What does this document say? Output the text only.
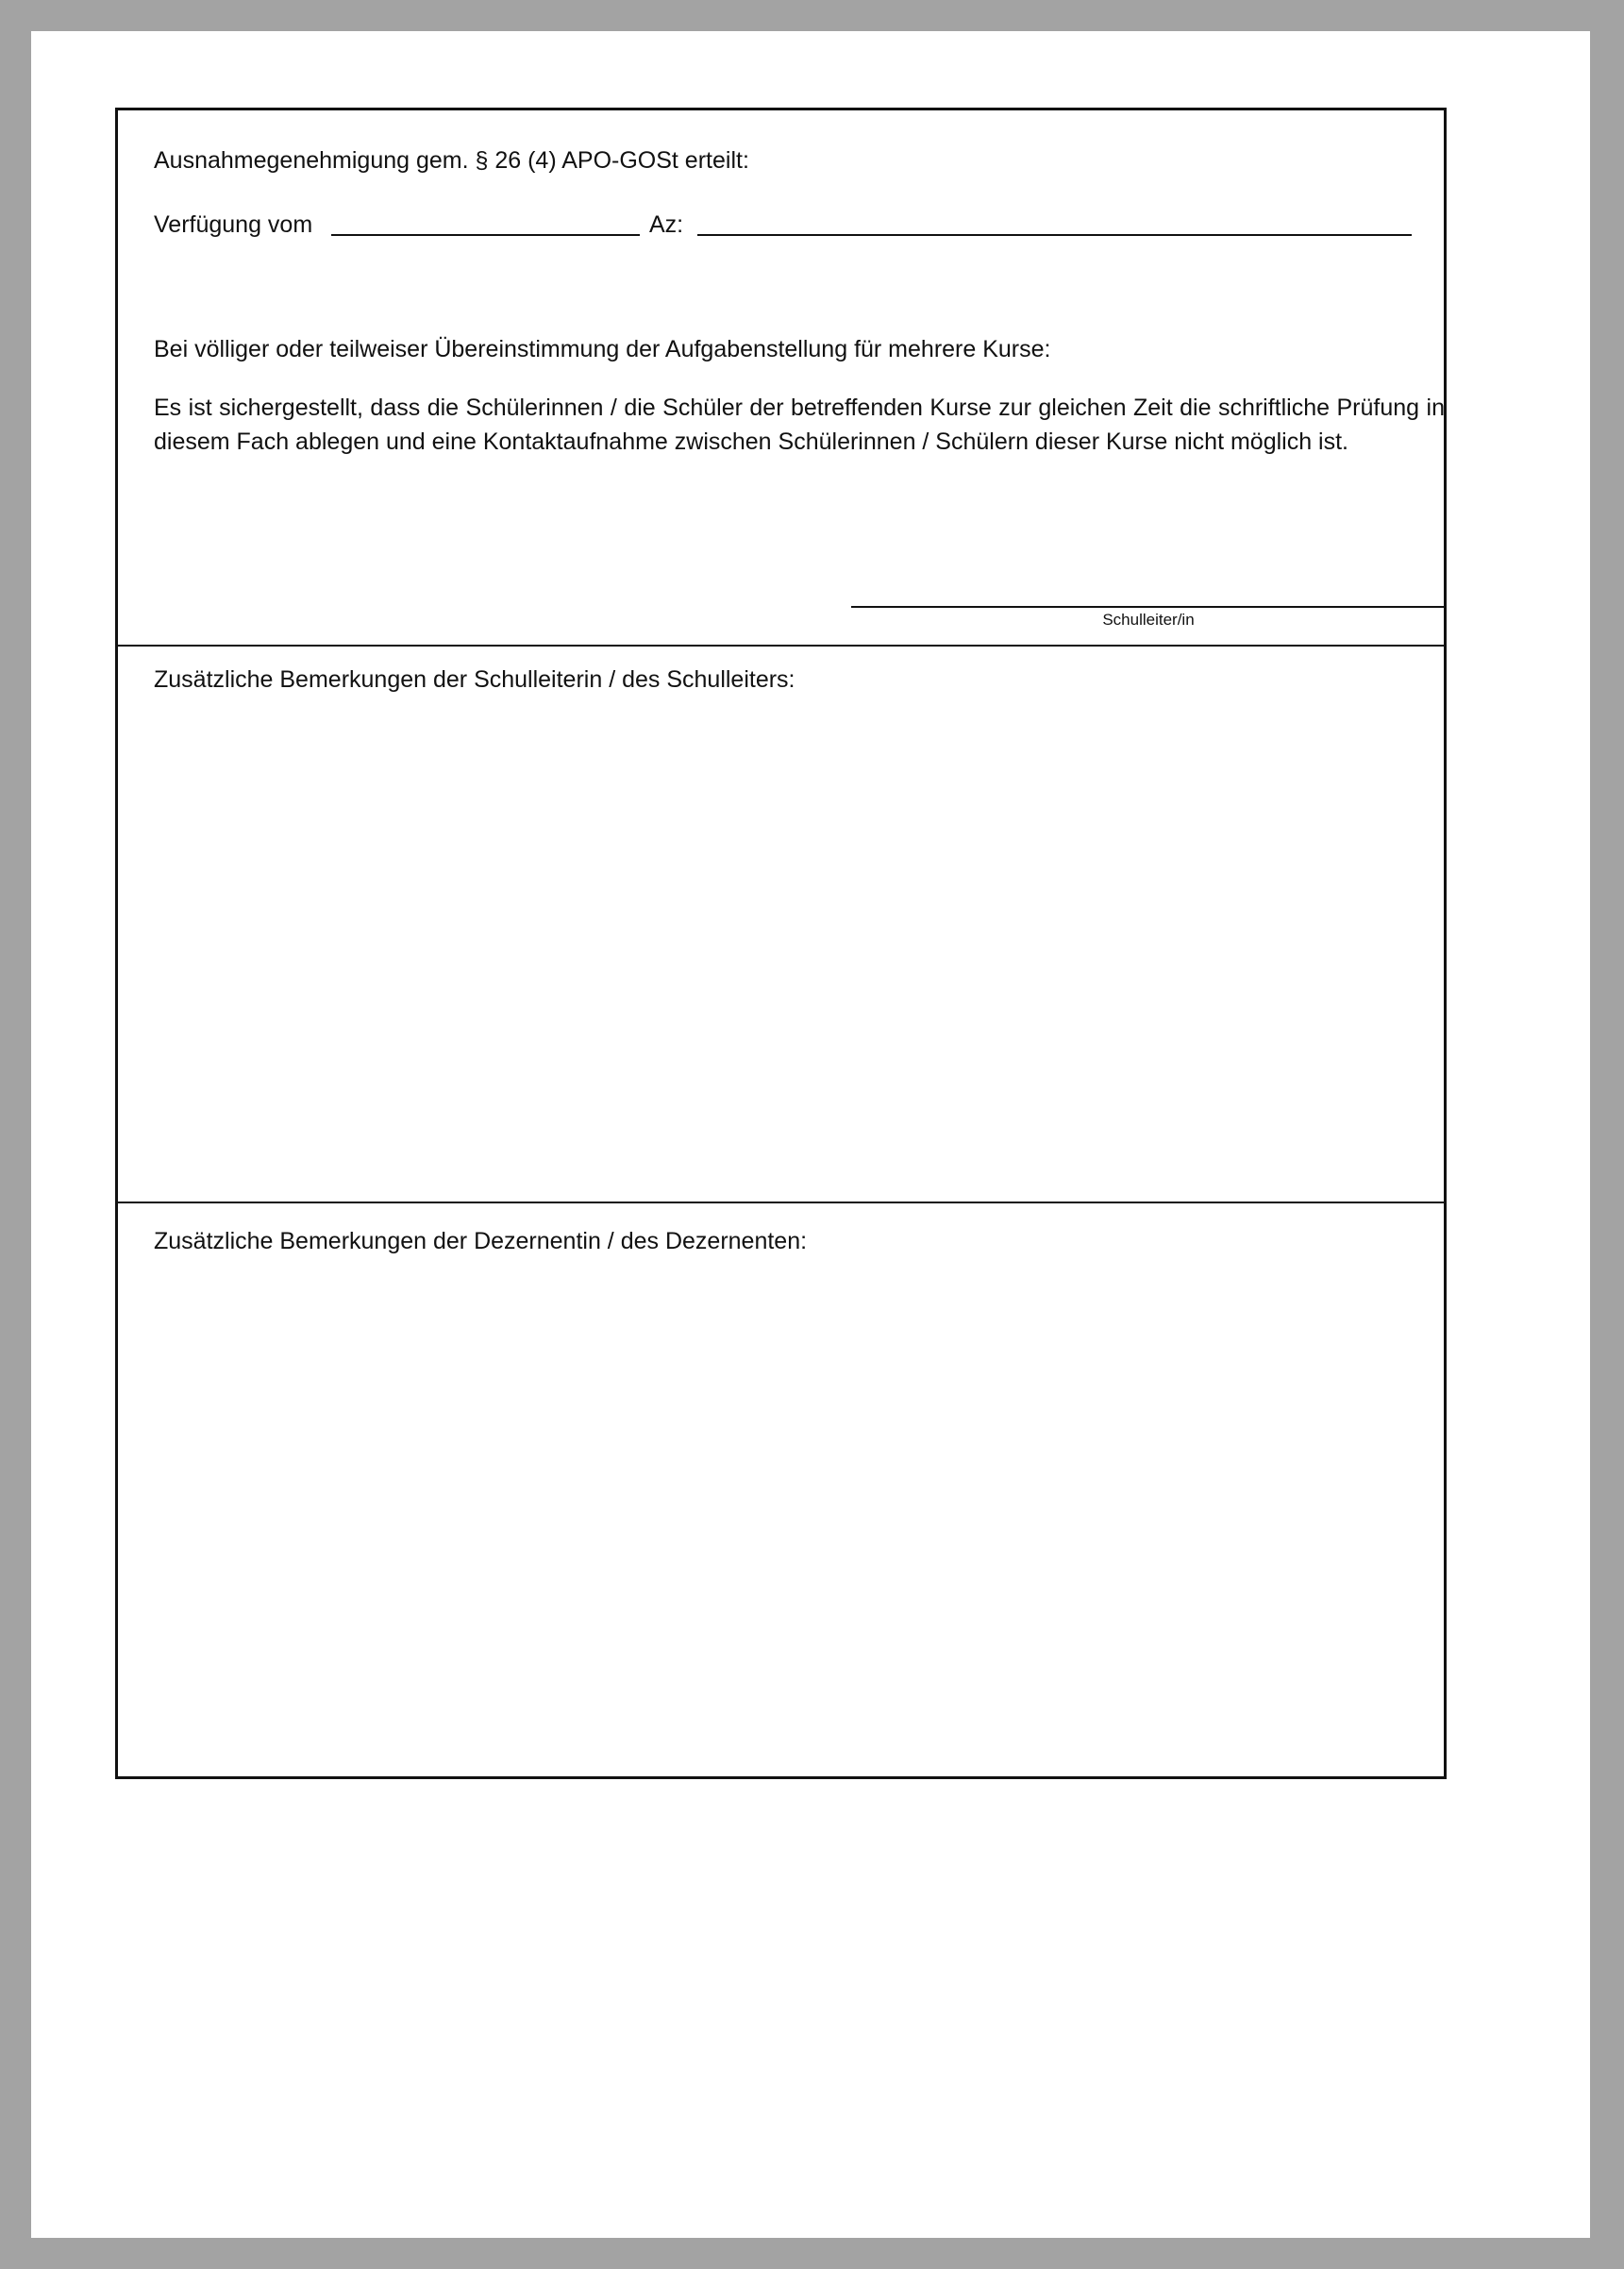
Ausnahmegenehmigung gem. § 26 (4) APO-GOSt erteilt:
Verfügung vom	Az:
Bei völliger oder teilweiser Übereinstimmung der Aufgabenstellung für mehrere Kurse:
Es ist sichergestellt, dass die Schülerinnen / die Schüler der betreffenden Kurse zur gleichen Zeit die schriftliche Prüfung in diesem Fach ablegen und eine Kontaktaufnahme zwischen Schülerinnen / Schülern dieser Kurse nicht möglich ist.
Schulleiter/in
Zusätzliche Bemerkungen der Schulleiterin / des Schulleiters:
Zusätzliche Bemerkungen der Dezernentin / des Dezernenten:
